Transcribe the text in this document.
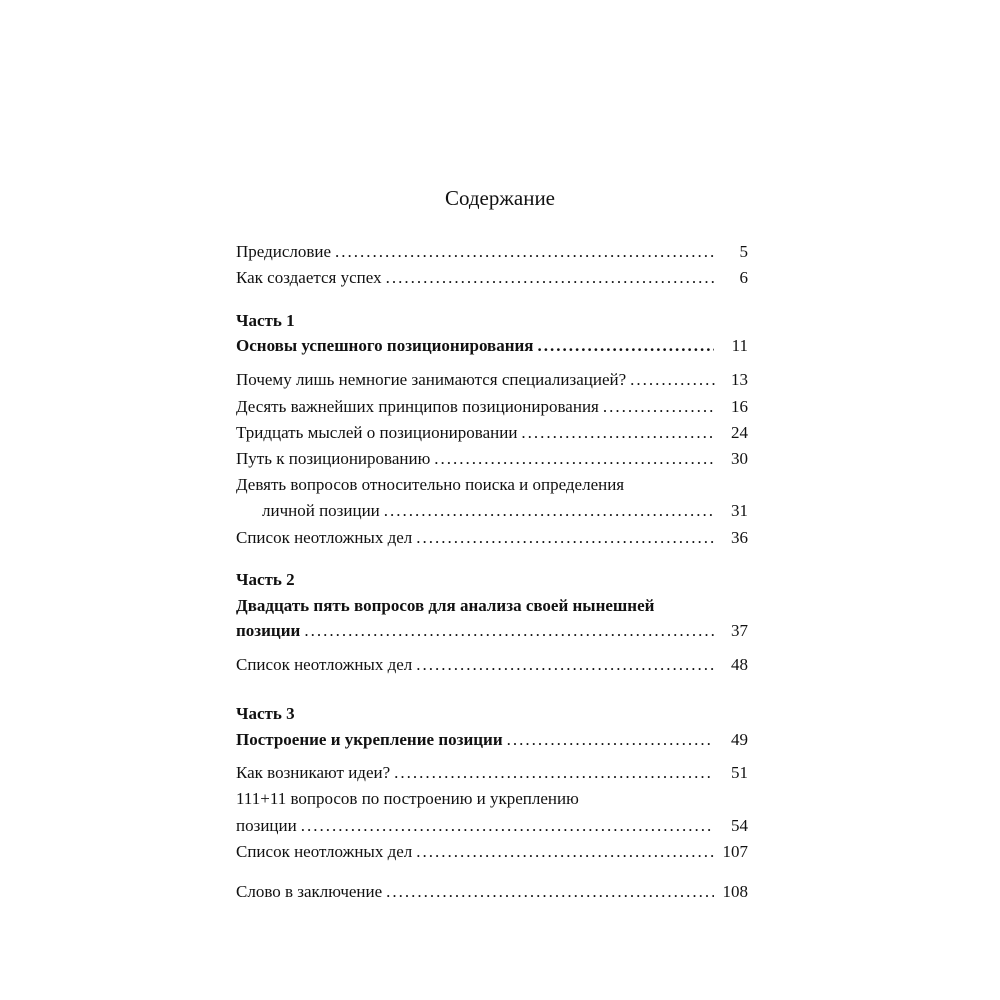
Содержание
Предисловие .....	5
Как создается успех .....	6
Часть 1
Основы успешного позиционирования .....	11
Почему лишь немногие занимаются специализацией? .....	13
Десять важнейших принципов позиционирования .....	16
Тридцать мыслей о позиционировании .....	24
Путь к позиционированию .....	30
Девять вопросов относительно поиска и определения
личной позиции .....	31
Список неотложных дел .....	36
Часть 2
Двадцать пять вопросов для анализа своей нынешней
позиции .....	37
Список неотложных дел .....	48
Часть 3
Построение и укрепление позиции .....	49
Как возникают идеи? .....	51
111+11 вопросов по построению и укреплению
позиции .....	54
Список неотложных дел .....	107
Слово в заключение .....	108
